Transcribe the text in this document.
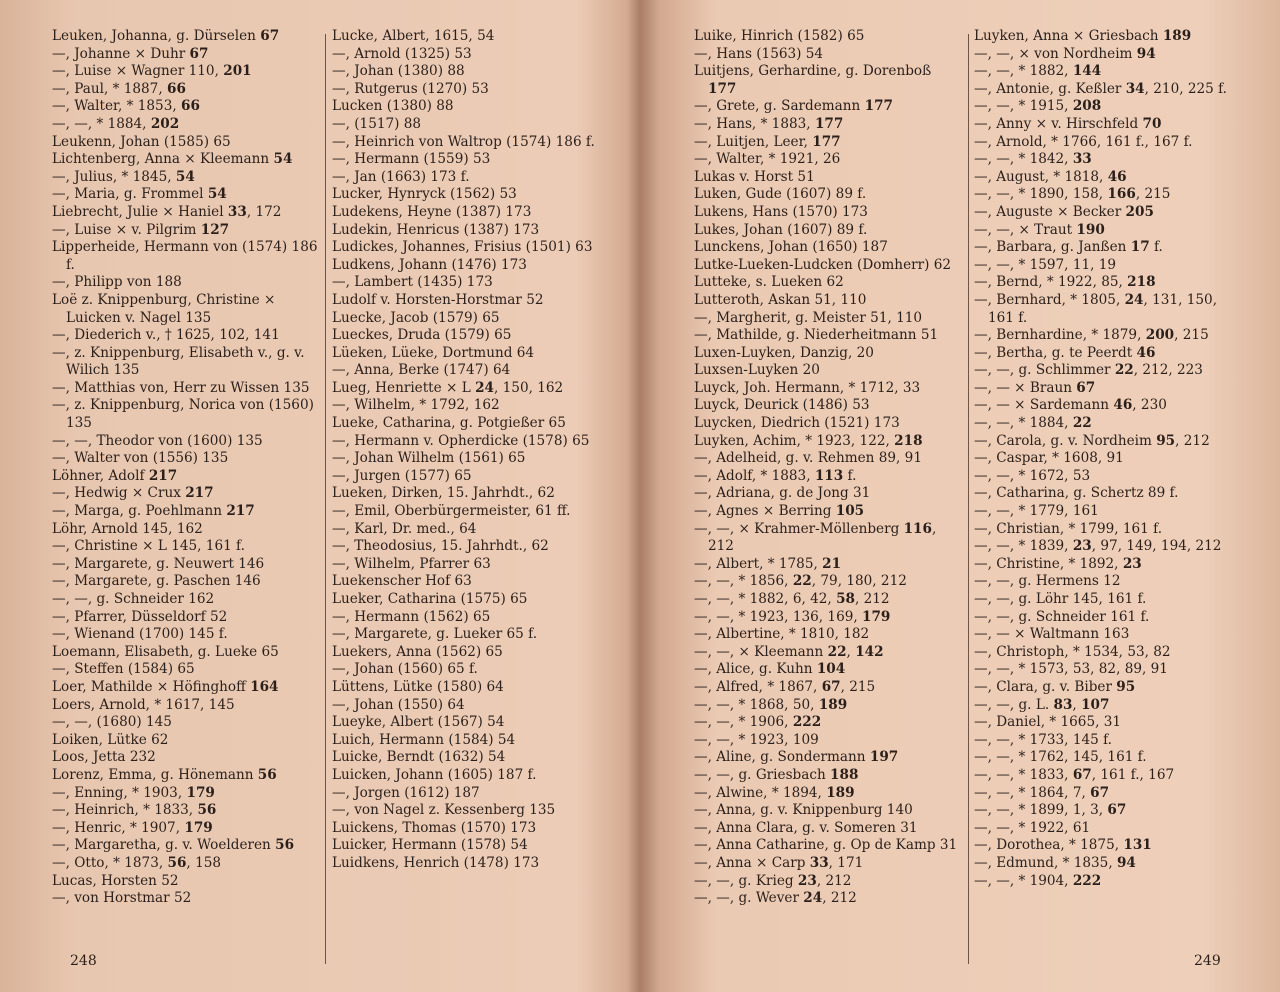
Leuken, Johanna, g. Dürselen 67
—, Johanne × Duhr 67
—, Luise × Wagner 110, 201
—, Paul, * 1887, 66
—, Walter, * 1853, 66
—, —, * 1884, 202
Leukenn, Johan (1585) 65
Lichtenberg, Anna × Kleemann 54
—, Julius, * 1845, 54
—, Maria, g. Frommel 54
Liebrecht, Julie × Haniel 33, 172
—, Luise × v. Pilgrim 127
Lipperheide, Hermann von (1574) 186 f.
—, Philipp von 188
Loë z. Knippenburg, Christine × Luicken v. Nagel 135
—, Diederich v., † 1625, 102, 141
—, z. Knippenburg, Elisabeth v., g. v. Wilich 135
—, Matthias von, Herr zu Wissen 135
—, z. Knippenburg, Norica von (1560) 135
—, —, Theodor von (1600) 135
—, Walter von (1556) 135
Löhner, Adolf 217
—, Hedwig × Crux 217
—, Marga, g. Poehlmann 217
Löhr, Arnold 145, 162
—, Christine × L 145, 161 f.
—, Margarete, g. Neuwert 146
—, Margarete, g. Paschen 146
—, —, g. Schneider 162
—, Pfarrer, Düsseldorf 52
—, Wienand (1700) 145 f.
Loemann, Elisabeth, g. Lueke 65
—, Steffen (1584) 65
Loer, Mathilde × Höfinghoff 164
Loers, Arnold, * 1617, 145
—, —, (1680) 145
Loiken, Lütke 62
Loos, Jetta 232
Lorenz, Emma, g. Hönemann 56
—, Enning, * 1903, 179
—, Heinrich, * 1833, 56
—, Henric, * 1907, 179
—, Margaretha, g. v. Woelderen 56
—, Otto, * 1873, 56, 158
Lucas, Horsten 52
—, von Horstmar 52
Lucke, Albert, 1615, 54
—, Arnold (1325) 53
—, Johan (1380) 88
—, Rutgerus (1270) 53
Lucken (1380) 88
—, (1517) 88
—, Heinrich von Waltrop (1574) 186 f.
—, Hermann (1559) 53
—, Jan (1663) 173 f.
Lucker, Hynryck (1562) 53
Ludekens, Heyne (1387) 173
Ludekin, Henricus (1387) 173
Ludickes, Johannes, Frisius (1501) 63
Ludkens, Johann (1476) 173
—, Lambert (1435) 173
Ludolf v. Horsten-Horstmar 52
Luecke, Jacob (1579) 65
Lueckes, Druda (1579) 65
Lüeken, Lüeke, Dortmund 64
—, Anna, Berke (1747) 64
Lueg, Henriette × L 24, 150, 162
—, Wilhelm, * 1792, 162
Lueke, Catharina, g. Potgießer 65
—, Hermann v. Opherdicke (1578) 65
—, Johan Wilhelm (1561) 65
—, Jurgen (1577) 65
Lueken, Dirken, 15. Jahrhdt., 62
—, Emil, Oberbürgermeister, 61 ff.
—, Karl, Dr. med., 64
—, Theodosius, 15. Jahrhdt., 62
—, Wilhelm, Pfarrer 63
Luekenscher Hof 63
Lueker, Catharina (1575) 65
—, Hermann (1562) 65
—, Margarete, g. Lueker 65 f.
Luekers, Anna (1562) 65
—, Johan (1560) 65 f.
Lüttens, Lütke (1580) 64
—, Johan (1550) 64
Lueyke, Albert (1567) 54
Luich, Hermann (1584) 54
Luicke, Berndt (1632) 54
Luicken, Johann (1605) 187 f.
—, Jorgen (1612) 187
—, von Nagel z. Kessenberg 135
Luickens, Thomas (1570) 173
Luicker, Hermann (1578) 54
Luidkens, Henrich (1478) 173
248
Luike, Hinrich (1582) 65
—, Hans (1563) 54
Luitjens, Gerhardine, g. Dorenboß 177
—, Grete, g. Sardemann 177
—, Hans, * 1883, 177
—, Luitjen, Leer, 177
—, Walter, * 1921, 26
Lukas v. Horst 51
Luken, Gude (1607) 89 f.
Lukens, Hans (1570) 173
Lukes, Johan (1607) 89 f.
Lunckens, Johan (1650) 187
Lutke-Lueken-Ludcken (Domherr) 62
Lutteke, s. Lueken 62
Lutteroth, Askan 51, 110
—, Margherit, g. Meister 51, 110
—, Mathilde, g. Niederheitmann 51
Luxen-Luyken, Danzig, 20
Luxsen-Luyken 20
Luyck, Joh. Hermann, * 1712, 33
Luyck, Deurick (1486) 53
Luycken, Diedrich (1521) 173
Luyken, Achim, * 1923, 122, 218
—, Adelheid, g. v. Rehmen 89, 91
—, Adolf, * 1883, 113 f.
—, Adriana, g. de Jong 31
—, Agnes × Berring 105
—, —, × Krahmer-Möllenberg 116, 212
—, Albert, * 1785, 21
—, —, * 1856, 22, 79, 180, 212
—, —, * 1882, 6, 42, 58, 212
—, —, * 1923, 136, 169, 179
—, Albertine, * 1810, 182
—, —, × Kleemann 22, 142
—, Alice, g. Kuhn 104
—, Alfred, * 1867, 67, 215
—, —, * 1868, 50, 189
—, —, * 1906, 222
—, —, * 1923, 109
—, Aline, g. Sondermann 197
—, —, g. Griesbach 188
—, Alwine, * 1894, 189
—, Anna, g. v. Knippenburg 140
—, Anna Clara, g. v. Someren 31
—, Anna Catharine, g. Op de Kamp 31
—, Anna × Carp 33, 171
—, —, g. Krieg 23, 212
—, —, g. Wever 24, 212
Luyken, Anna × Griesbach 189
—, —, × von Nordheim 94
—, —, * 1882, 144
—, Antonie, g. Keßler 34, 210, 225 f.
—, —, * 1915, 208
—, Anny × v. Hirschfeld 70
—, Arnold, * 1766, 161 f., 167 f.
—, —, * 1842, 33
—, August, * 1818, 46
—, —, * 1890, 158, 166, 215
—, Auguste × Becker 205
—, —, × Traut 190
—, Barbara, g. Janßen 17 f.
—, —, * 1597, 11, 19
—, Bernd, * 1922, 85, 218
—, Bernhard, * 1805, 24, 131, 150, 161 f.
—, Bernhardine, * 1879, 200, 215
—, Bertha, g. te Peerdt 46
—, —, g. Schlimmer 22, 212, 223
—, — × Braun 67
—, — × Sardemann 46, 230
—, —, * 1884, 22
—, Carola, g. v. Nordheim 95, 212
—, Caspar, * 1608, 91
—, —, * 1672, 53
—, Catharina, g. Schertz 89 f.
—, —, * 1779, 161
—, Christian, * 1799, 161 f.
—, —, * 1839, 23, 97, 149, 194, 212
—, Christine, * 1892, 23
—, —, g. Hermens 12
—, —, g. Löhr 145, 161 f.
—, —, g. Schneider 161 f.
—, — × Waltmann 163
—, Christoph, * 1534, 53, 82
—, —, * 1573, 53, 82, 89, 91
—, Clara, g. v. Biber 95
—, —, g. L. 83, 107
—, Daniel, * 1665, 31
—, —, * 1733, 145 f.
—, —, * 1762, 145, 161 f.
—, —, * 1833, 67, 161 f., 167
—, —, * 1864, 7, 67
—, —, * 1899, 1, 3, 67
—, —, * 1922, 61
—, Dorothea, * 1875, 131
—, Edmund, * 1835, 94
—, —, * 1904, 222
249
